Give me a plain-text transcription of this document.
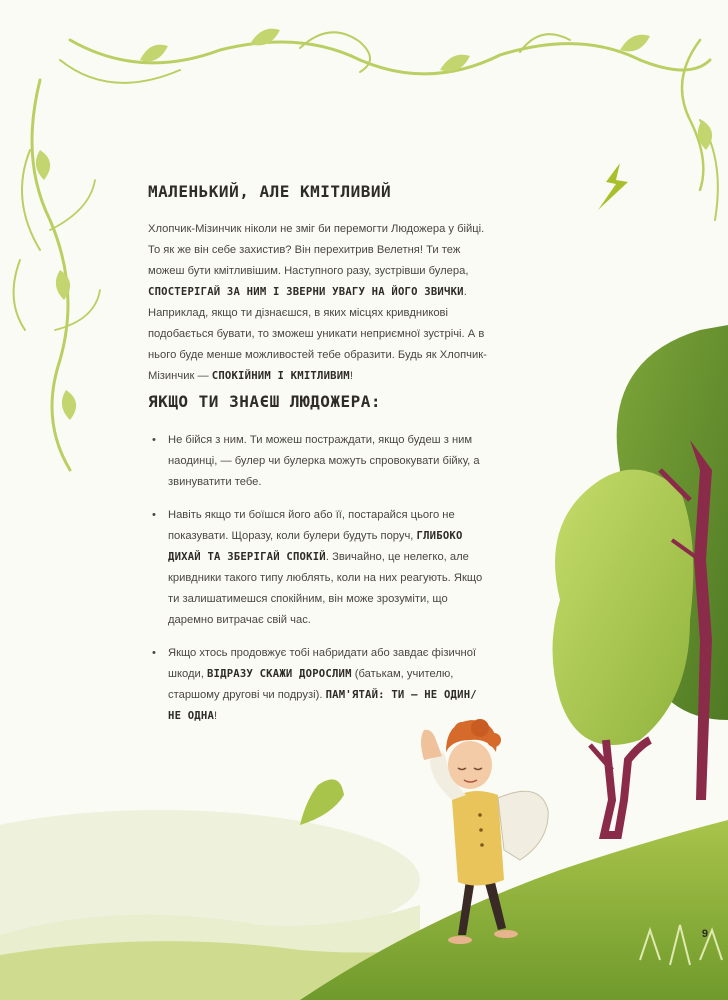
МАЛЕНЬКИЙ, АЛЕ КМІТЛИВИЙ

Хлопчик-Мізинчик ніколи не зміг би перемогти Людожера у бійці. То як же він себе захистив? Він перехитрив Велетня! Ти теж можеш бути кмітливішим. Наступного разу, зустрівши булера, СПОСТЕРІГАЙ ЗА НИМ І ЗВЕРНИ УВАГУ НА ЙОГО ЗВИЧКИ. Наприклад, якщо ти дізнаєшся, в яких місцях кривдникові подобається бувати, то зможеш уникати неприємної зустрічі. А в нього буде менше можливостей тебе образити. Будь як Хлопчик-Мізинчик — СПОКІЙНИМ І КМІТЛИВИМ!

ЯКЩО ТИ ЗНАЄШ ЛЮДОЖЕРА:
• Не бійся з ним. Ти можеш постраждати, якщо будеш з ним наодинці, — булер чи булерка можуть спровокувати бійку, а звинуватити тебе.
• Навіть якщо ти боїшся його або її, постарайся цього не показувати. Щоразу, коли булери будуть поруч, ГЛИБОКО ДИХАЙ ТА ЗБЕРІГАЙ СПОКІЙ. Звичайно, це нелегко, але кривдники такого типу люблять, коли на них реагують. Якщо ти залишатимешся спокійним, він може зрозуміти, що даремно витрачає свій час.
• Якщо хтось продовжує тобі набридати або завдає фізичної шкоди, ВІДРАЗУ СКАЖИ ДОРОСЛИМ (батькам, учителю, старшому другові чи подрузі). ПАМ'ЯТАЙ: ТИ — НЕ ОДИН/НЕ ОДНА!
9
